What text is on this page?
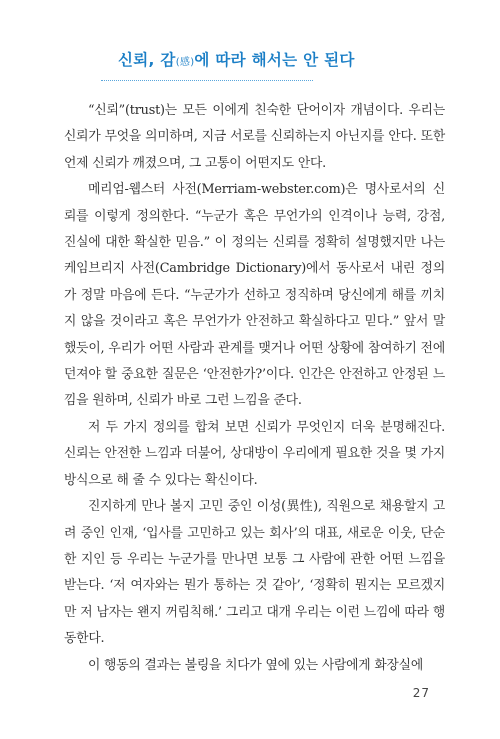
신뢰, 감(感)에 따라 해서는 안 된다

“신뢰”(trust)는 모든 이에게 친숙한 단어이자 개념이다. 우리는 신뢰가 무엇을 의미하며, 지금 서로를 신뢰하는지 아닌지를 안다. 또한 언제 신뢰가 깨졌으며, 그 고통이 어떤지도 안다.

메리엄-웹스터 사전(Merriam-webster.com)은 명사로서의 신뢰를 이렇게 정의한다. “누군가 혹은 무언가의 인격이나 능력, 강점, 진실에 대한 확실한 믿음.” 이 정의는 신뢰를 정확히 설명했지만 나는 케임브리지 사전(Cambridge Dictionary)에서 동사로서 내린 정의가 정말 마음에 든다. “누군가가 선하고 정직하며 당신에게 해를 끼치지 않을 것이라고 혹은 무언가가 안전하고 확실하다고 믿다.” 앞서 말했듯이, 우리가 어떤 사람과 관계를 맺거나 어떤 상황에 참여하기 전에 던져야 할 중요한 질문은 ‘안전한가?’이다. 인간은 안전하고 안정된 느낌을 원하며, 신뢰가 바로 그런 느낌을 준다.

저 두 가지 정의를 합쳐 보면 신뢰가 무엇인지 더욱 분명해진다. 신뢰는 안전한 느낌과 더불어, 상대방이 우리에게 필요한 것을 몇 가지 방식으로 해 줄 수 있다는 확신이다.

진지하게 만나 볼지 고민 중인 이성(異性), 직원으로 채용할지 고려 중인 인재, ‘입사를 고민하고 있는 회사’의 대표, 새로운 이웃, 단순한 지인 등 우리는 누군가를 만나면 보통 그 사람에 관한 어떤 느낌을 받는다. ‘저 여자와는 뭔가 통하는 것 같아’, ‘정확히 뭔지는 모르겠지만 저 남자는 왠지 꺼림칙해.’ 그리고 대개 우리는 이런 느낌에 따라 행동한다.

이 행동의 결과는 볼링을 치다가 옆에 있는 사람에게 화장실에

27
